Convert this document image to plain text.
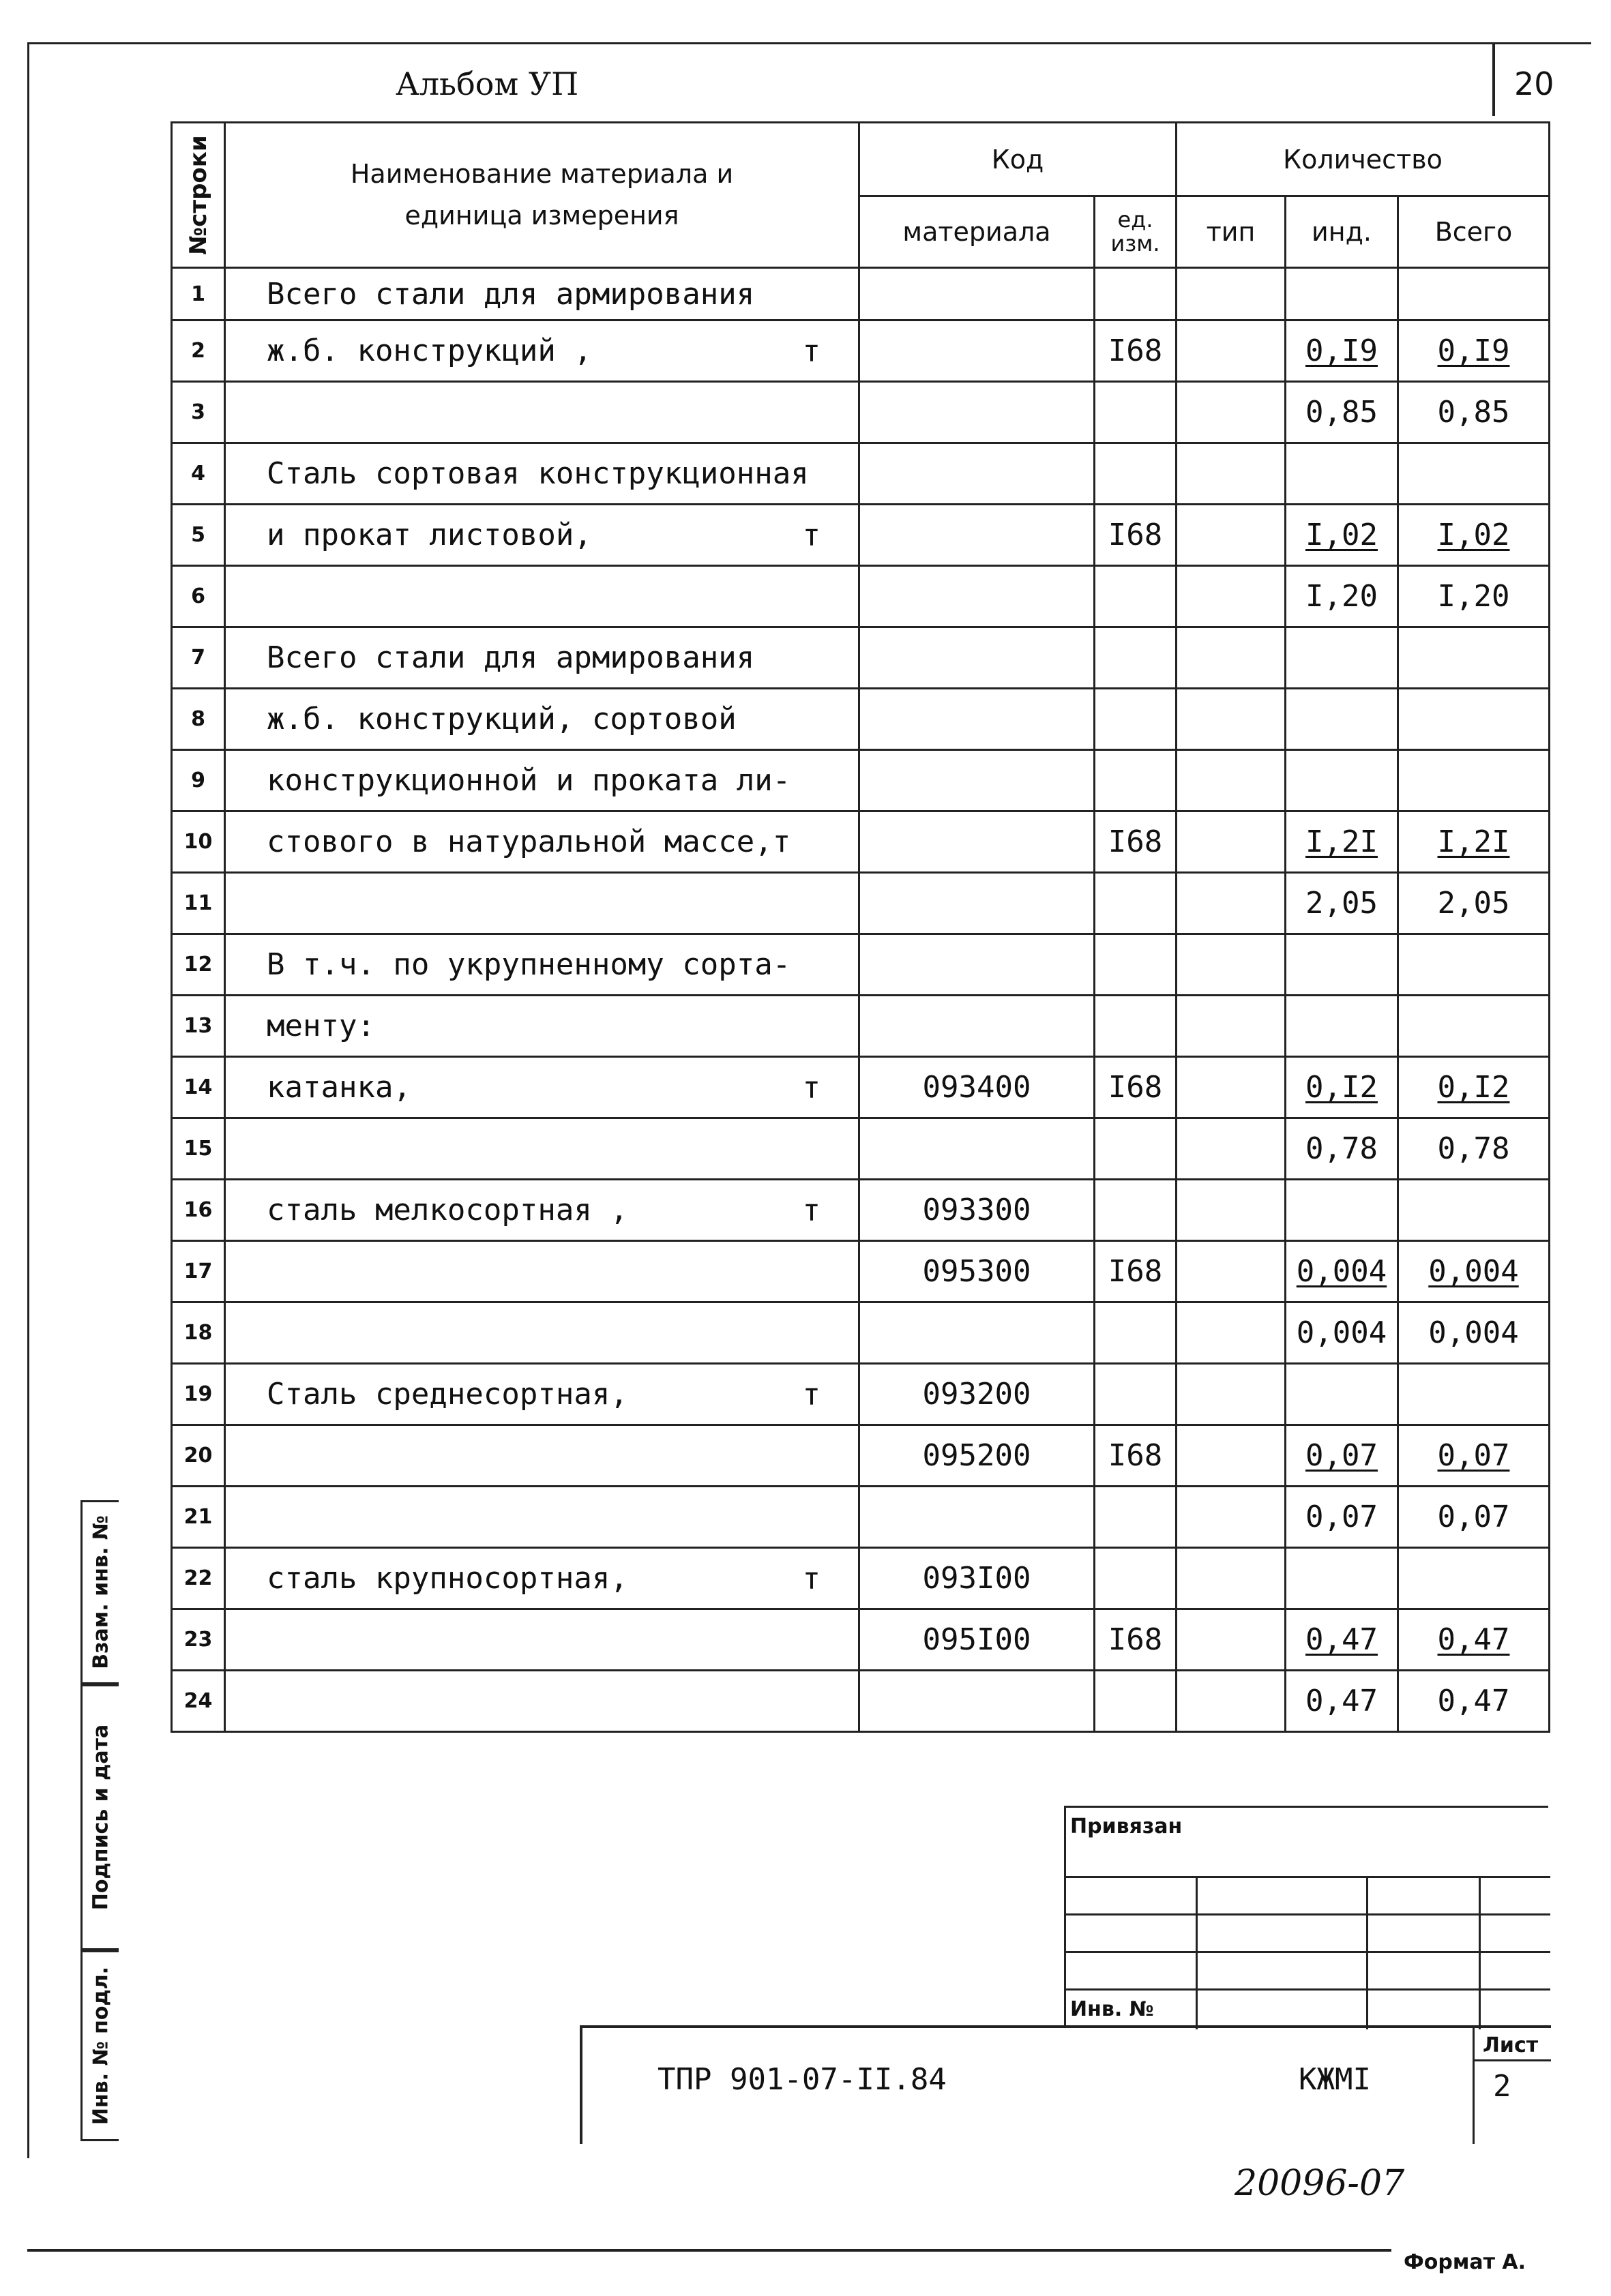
Альбом УП	20
Взам. инв. №
Подпись и дата
Инв. № подл.
№строки	Наименование материала и единица измерения	Код		Количество		
		материала	ед. изм.	тип	инд.	Всего
1	Всего стали для армирования

2	ж.б. конструкций , т		I68		0,I9	0,I9
3					0,85	0,85
4	Сталь сортовая конструкционная

5	и прокат листовой, т		I68		I,02	I,02
6					I,20	I,20
7	Всего стали для армирования

8	ж.б. конструкций, сортовой

9	конструкционной и проката ли-

10	стового в натуральной массе,т		I68		I,2I	I,2I
11					2,05	2,05
12	В т.ч. по укрупненному сорта-

13	менту:

14	катанка, т	093400	I68		0,I2	0,I2
15					0,78	0,78
16	сталь мелкосортная , т	093300				
17		095300	I68		0,004	0,004
18					0,004	0,004
19	Сталь среднесортная, т	093200				
20		095200	I68		0,07	0,07
21					0,07	0,07
22	сталь крупносортная, т	093I00				
23		095I00	I68		0,47	0,47
24					0,47	0,47
Привязан
Инв. №
ТПР 901-07-II.84	КЖМI
Лист
2
20096-07
Формат А.
